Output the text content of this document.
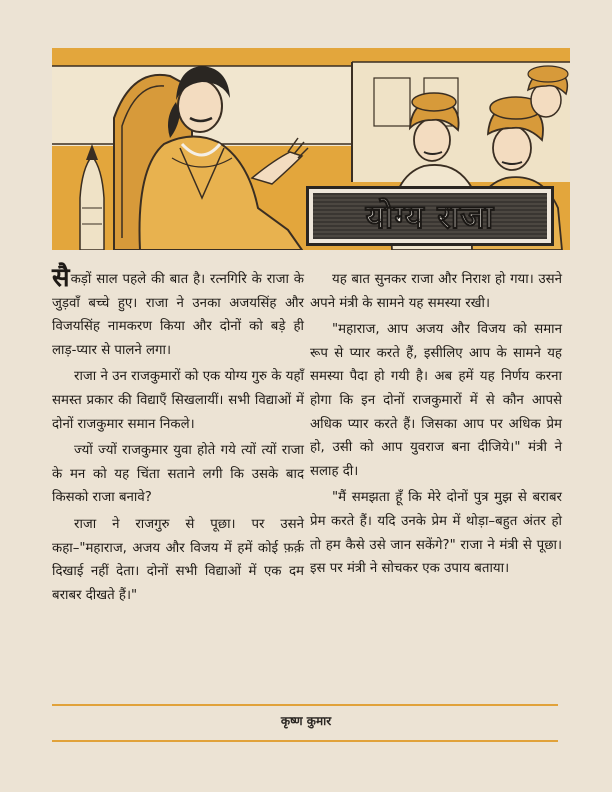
योग्य राजा

सैकड़ों साल पहले की बात है। रत्नगिरि के राजा के जुड़वाँ बच्चे हुए। राजा ने उनका अजयसिंह और विजयसिंह नामकरण किया और दोनों को बड़े ही लाड़-प्यार से पालने लगा।

राजा ने उन राजकुमारों को एक योग्य गुरु के यहाँ समस्त प्रकार की विद्याएँ सिखलायीं। सभी विद्याओं में दोनों राजकुमार समान निकले।

ज्यों ज्यों राजकुमार युवा होते गये त्यों त्यों राजा के मन को यह चिंता सताने लगी कि उसके बाद किसको राजा बनावे?

राजा ने राजगुरु से पूछा। पर उसने कहा–"महाराज, अजय और विजय में हमें कोई फ़र्क़ दिखाई नहीं देता। दोनों सभी विद्याओं में एक दम बराबर दीखते हैं।"

यह बात सुनकर राजा और निराश हो गया। उसने अपने मंत्री के सामने यह समस्या रखी।

"महाराज, आप अजय और विजय को समान रूप से प्यार करते हैं, इसीलिए आप के सामने यह समस्या पैदा हो गयी है। अब हमें यह निर्णय करना होगा कि इन दोनों राजकुमारों में से कौन आपसे अधिक प्यार करते हैं। जिसका आप पर अधिक प्रेम हो, उसी को आप युवराज बना दीजिये।" मंत्री ने सलाह दी।

"मैं समझता हूँ कि मेरे दोनों पुत्र मुझ से बराबर प्रेम करते हैं। यदि उनके प्रेम में थोड़ा–बहुत अंतर हो तो हम कैसे उसे जान सकेंगे?" राजा ने मंत्री से पूछा। इस पर मंत्री ने सोचकर एक उपाय बताया।

कृष्ण कुमार
